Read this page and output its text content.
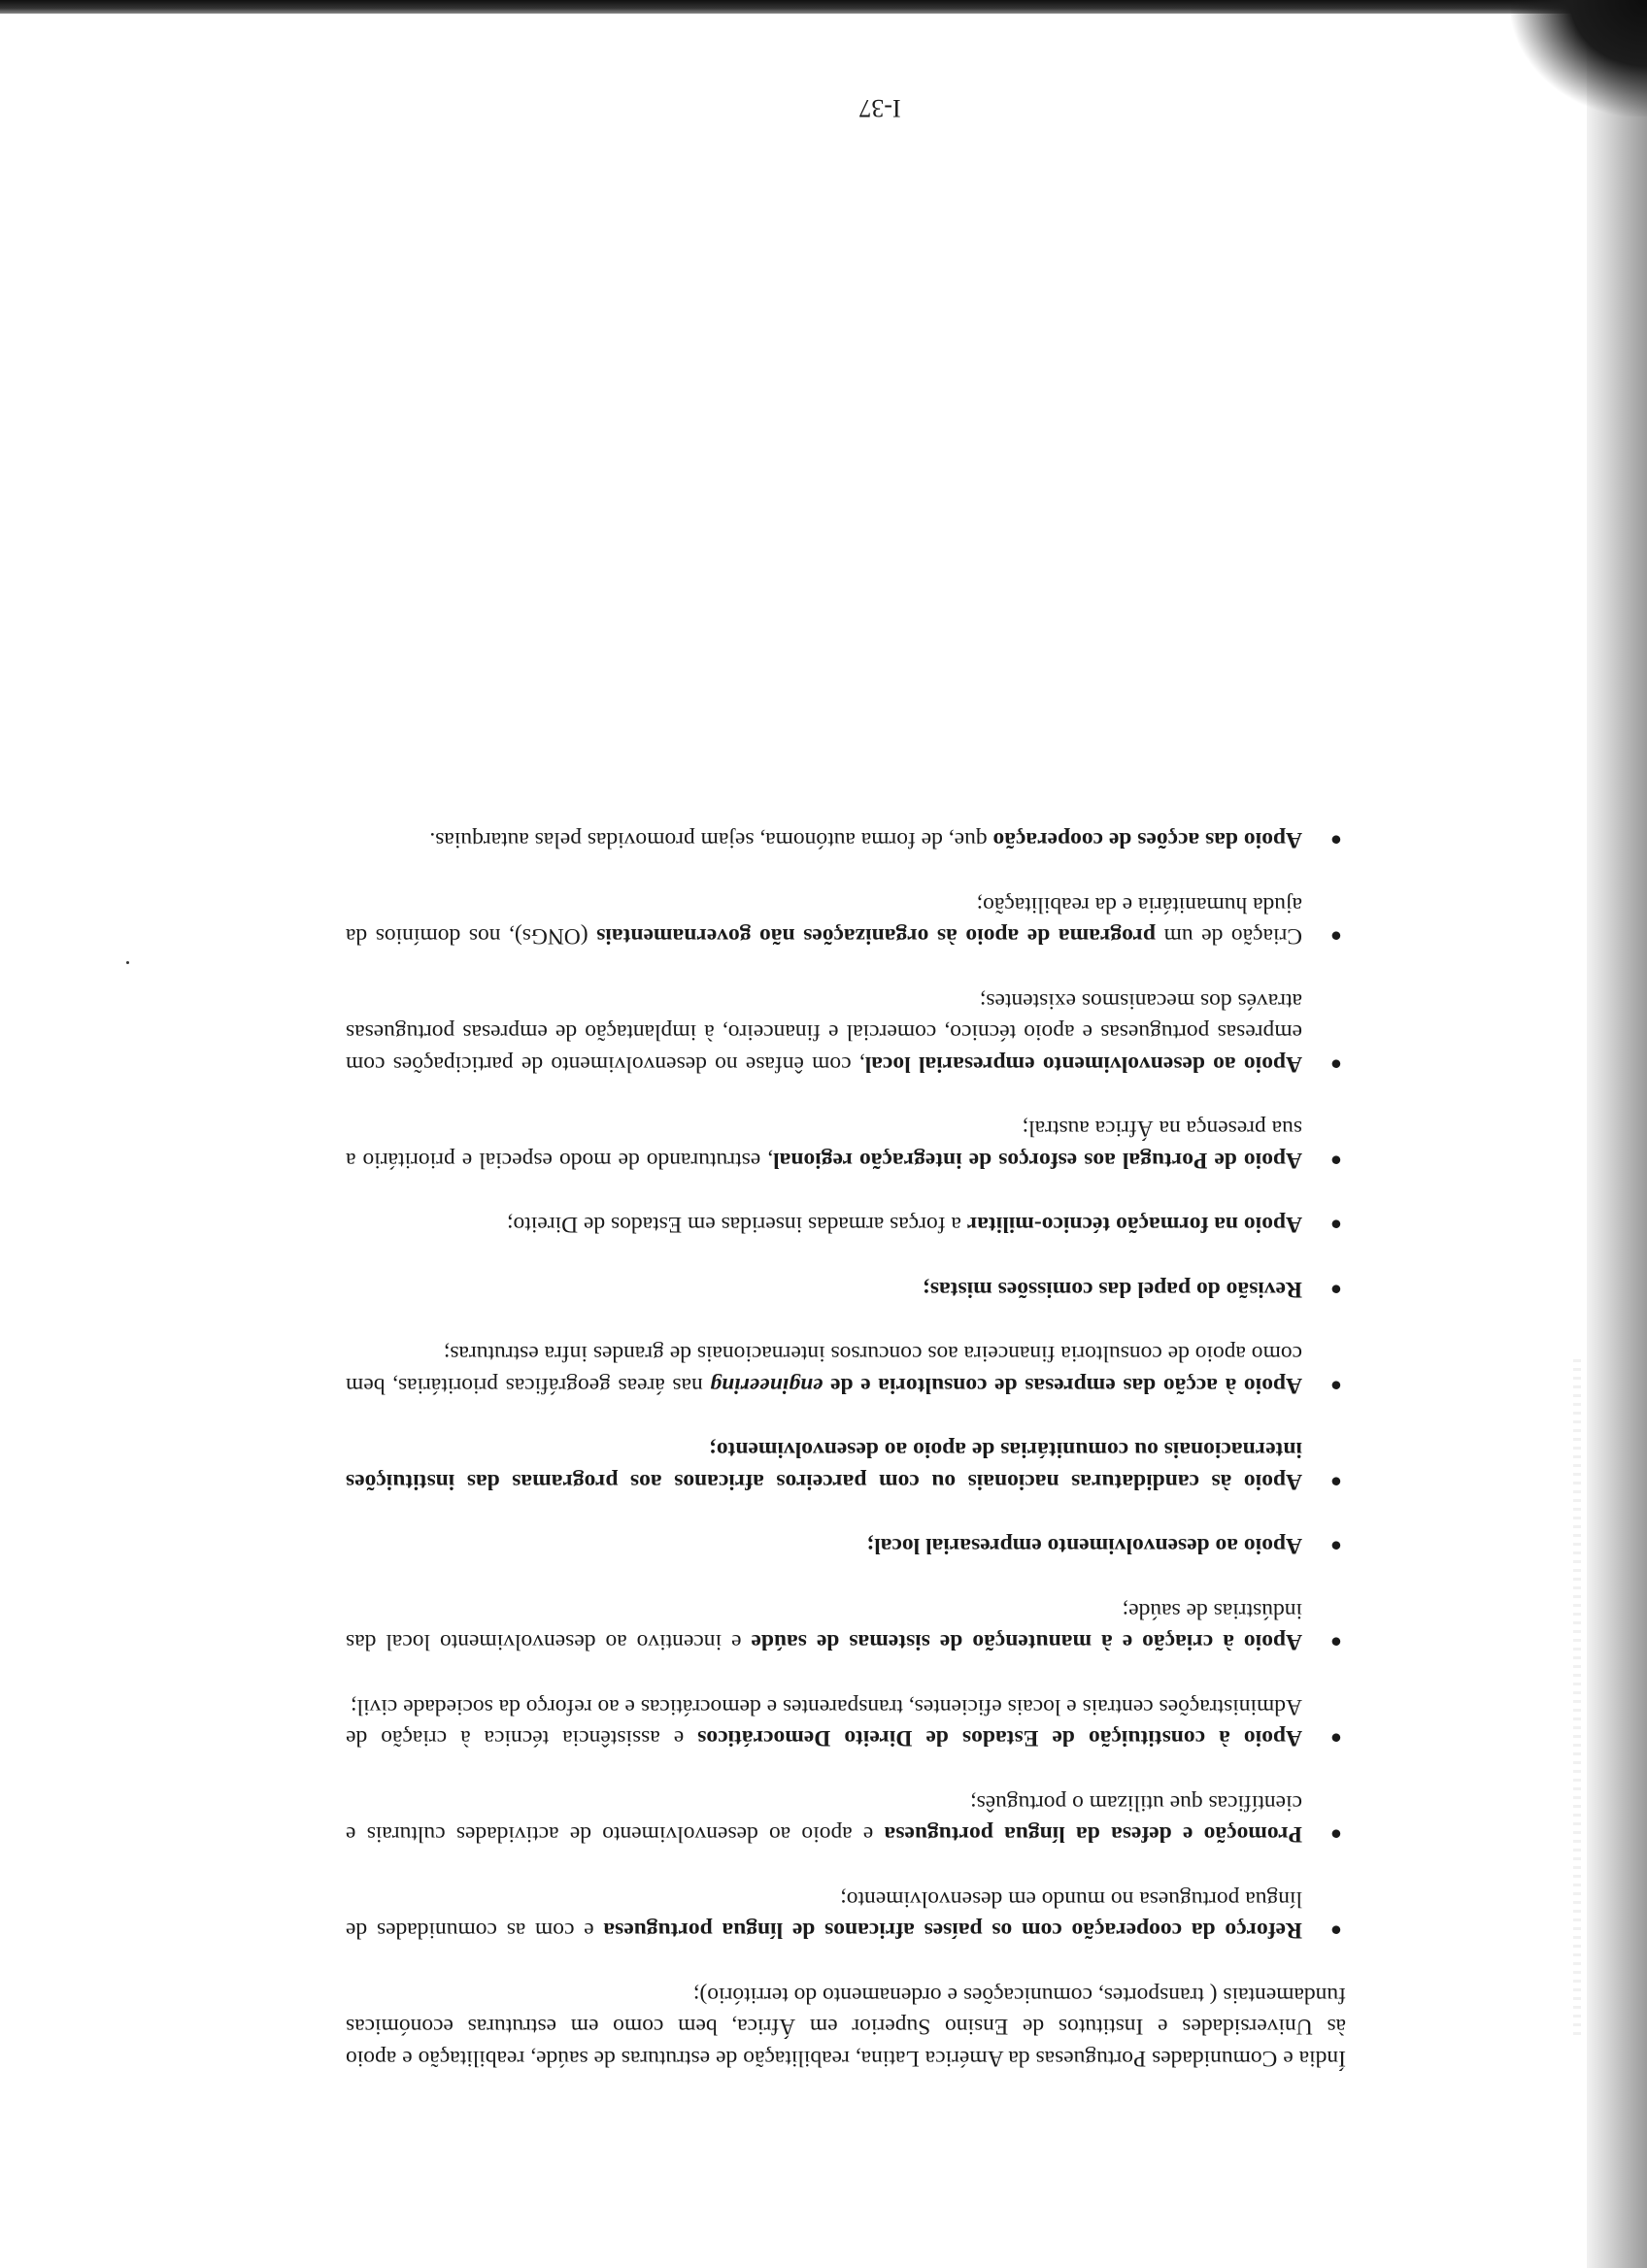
Índia e Comunidades Portuguesas da América Latina, reabilitação de estruturas de saúde, reabilitação e apoio às Universidades e Institutos de Ensino Superior em África, bem como em estruturas económicas fundamentais ( transportes, comunicações e ordenamento do território);

●
Reforço da cooperação com os países africanos de língua portuguesa e com as comunidades de língua portuguesa no mundo em desenvolvimento;
●
Promoção e defesa da língua portuguesa e apoio ao desenvolvimento de actividades culturais e científicas que utilizam o português;
●
Apoio à constituição de Estados de Direito Democráticos e assistência técnica à criação de Administrações centrais e locais eficientes, transparentes e democráticas e ao reforço da sociedade civil;
●
Apoio à criação e à manutenção de sistemas de saúde e incentivo ao desenvolvimento local das indústrias de saúde;
●
Apoio ao desenvolvimento empresarial local;
●
Apoio às candidaturas nacionais ou com parceiros africanos aos programas das instituições internacionais ou comunitárias de apoio ao desenvolvimento;
●
Apoio à acção das empresas de consultoria e de engineering nas áreas geográficas prioritárias, bem como apoio de consultoria financeira aos concursos internacionais de grandes infra estruturas;
●
Revisão do papel das comissões mistas;
●
Apoio na formação técnico-militar a forças armadas inseridas em Estados de Direito;
●
Apoio de Portugal aos esforços de integração regional, estruturando de modo especial e prioritário a sua presença na África austral;
●
Apoio ao desenvolvimento empresarial local, com ênfase no desenvolvimento de participações com empresas portuguesas e apoio técnico, comercial e financeiro, à implantação de empresas portuguesas através dos mecanismos existentes;
●
Criação de um programa de apoio às organizações não governamentais (ONGs), nos domínios da ajuda humanitária e da reabilitação;
●
Apoio das acções de cooperação que, de forma autónoma, sejam promovidas pelas autarquias.
I-37
